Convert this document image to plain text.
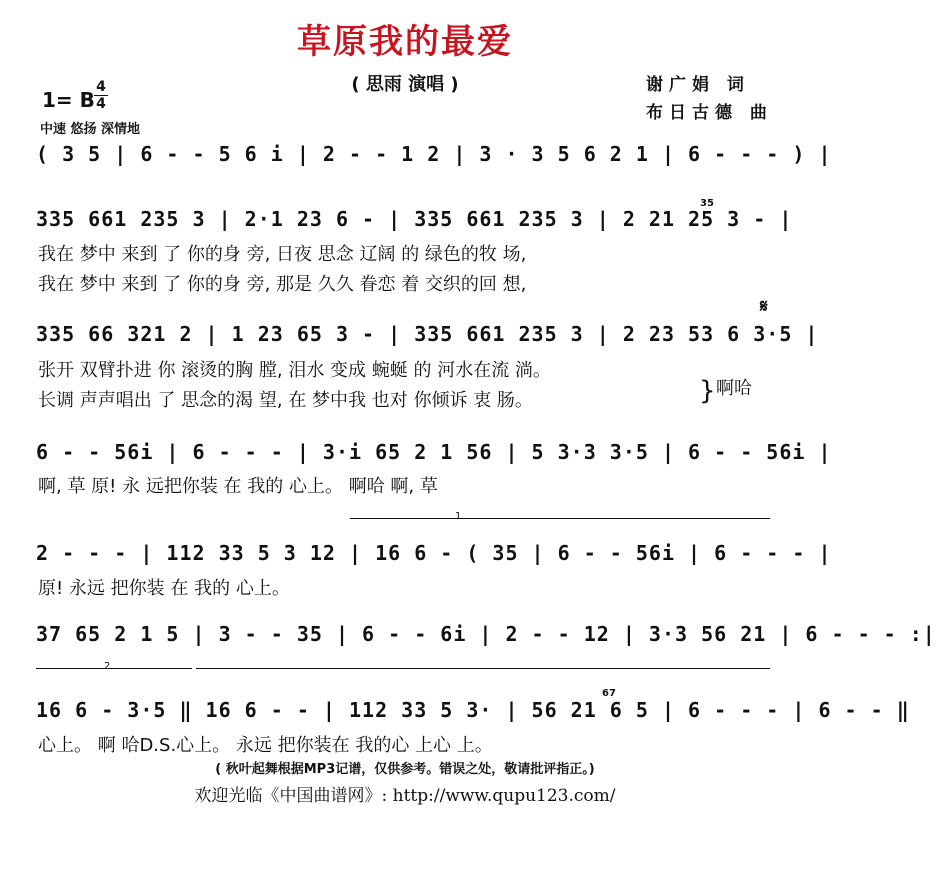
草原我的最爱
( 思雨 演唱 )	谢广娟 词
布日古德 曲
1= B
4
4
中速 悠扬 深情地
( 3 5 | 6 - - 5 6 i | 2 - - 1 2 | 3 · 3 5 6 2 1 | 6 - - - ) |
335 661 235 3 | 2·1 23 6 - | 335 661 235 3 | 2 21 25 3 - |
35
我在 梦中 来到 了 你的身 旁, 日夜 思念 辽阔 的 绿色的牧 场,
我在 梦中 来到 了 你的身 旁, 那是 久久 眷恋 着 交织的回 想,
𝄋
335 66 321 2 | 1 23 65 3 - | 335 661 235 3 | 2 23 53 6 3·5 |
张开 双臂扑进 你 滚烫的胸 膛, 泪水 变成 蜿蜒 的 河水在流 淌。
长调 声声唱出 了 思念的渴 望, 在 梦中我 也对 你倾诉 衷 肠。	} 啊哈
6 - - 56i | 6 - - - | 3·i 65 2 1 56 | 5 3·3 3·5 | 6 - - 56i |
啊, 草 原! 永 远把你装 在 我的 心上。 啊哈 啊, 草
1
2 - - - | 112 33 5 3 12 | 16 6 - ( 35 | 6 - - 56i | 6 - - - |
原! 永远 把你装 在 我的 心上。
37 65 2 1 5 | 3 - - 35 | 6 - - 6i | 2 - - 12 | 3·3 56 21 | 6 - - - :|
2
67
16 6 - 3·5 ‖ 16 6 - - | 112 33 5 3· | 56 21 6 5 | 6 - - - | 6 - - ‖
心上。 啊 哈D.S.心上。 永远 把你装在 我的心 上心 上。
( 秋叶起舞根据MP3记谱，仅供参考。错误之处，敬请批评指正。)
欢迎光临《中国曲谱网》: http://www.qupu123.com/
